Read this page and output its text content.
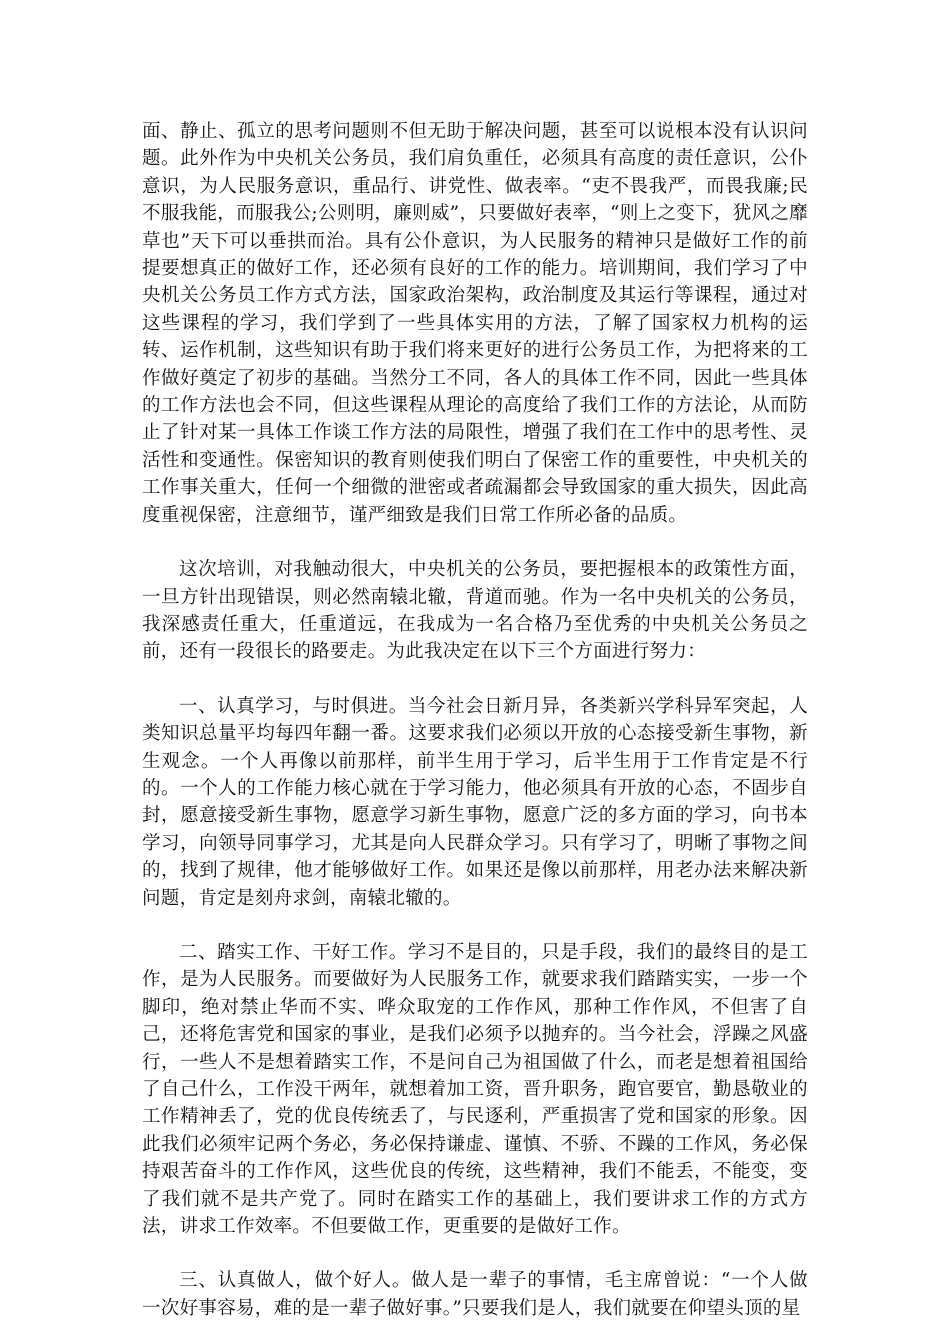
面、静止、孤立的思考问题则不但无助于解决问题，甚至可以说根本没有认识问题。此外作为中央机关公务员，我们肩负重任，必须具有高度的责任意识，公仆意识，为人民服务意识，重品行、讲党性、做表率。“吏不畏我严，而畏我廉;民不服我能，而服我公;公则明，廉则威”，只要做好表率，“则上之变下，犹风之靡草也”天下可以垂拱而治。具有公仆意识，为人民服务的精神只是做好工作的前提要想真正的做好工作，还必须有良好的工作的能力。培训期间，我们学习了中央机关公务员工作方式方法，国家政治架构，政治制度及其运行等课程，通过对这些课程的学习，我们学到了一些具体实用的方法，了解了国家权力机构的运转、运作机制，这些知识有助于我们将来更好的进行公务员工作，为把将来的工作做好奠定了初步的基础。当然分工不同，各人的具体工作不同，因此一些具体的工作方法也会不同，但这些课程从理论的高度给了我们工作的方法论，从而防止了针对某一具体工作谈工作方法的局限性，增强了我们在工作中的思考性、灵活性和变通性。保密知识的教育则使我们明白了保密工作的重要性，中央机关的工作事关重大，任何一个细微的泄密或者疏漏都会导致国家的重大损失，因此高度重视保密，注意细节，谨严细致是我们日常工作所必备的品质。

这次培训，对我触动很大，中央机关的公务员，要把握根本的政策性方面，一旦方针出现错误，则必然南辕北辙，背道而驰。作为一名中央机关的公务员，我深感责任重大，任重道远，在我成为一名合格乃至优秀的中央机关公务员之前，还有一段很长的路要走。为此我决定在以下三个方面进行努力：

一、认真学习，与时俱进。当今社会日新月异，各类新兴学科异军突起，人类知识总量平均每四年翻一番。这要求我们必须以开放的心态接受新生事物，新生观念。一个人再像以前那样，前半生用于学习，后半生用于工作肯定是不行的。一个人的工作能力核心就在于学习能力，他必须具有开放的心态，不固步自封，愿意接受新生事物，愿意学习新生事物，愿意广泛的多方面的学习，向书本学习，向领导同事学习，尤其是向人民群众学习。只有学习了，明晰了事物之间的，找到了规律，他才能够做好工作。如果还是像以前那样，用老办法来解决新问题，肯定是刻舟求剑，南辕北辙的。

二、踏实工作、干好工作。学习不是目的，只是手段，我们的最终目的是工作，是为人民服务。而要做好为人民服务工作，就要求我们踏踏实实，一步一个脚印，绝对禁止华而不实、哗众取宠的工作作风，那种工作作风，不但害了自己，还将危害党和国家的事业，是我们必须予以抛弃的。当今社会，浮躁之风盛行，一些人不是想着踏实工作，不是问自己为祖国做了什么，而老是想着祖国给了自己什么，工作没干两年，就想着加工资，晋升职务，跑官要官，勤恳敬业的工作精神丢了，党的优良传统丢了，与民逐利，严重损害了党和国家的形象。因此我们必须牢记两个务必，务必保持谦虚、谨慎、不骄、不躁的工作风，务必保持艰苦奋斗的工作作风，这些优良的传统，这些精神，我们不能丢，不能变，变了我们就不是共产党了。同时在踏实工作的基础上，我们要讲求工作的方式方法，讲求工作效率。不但要做工作，更重要的是做好工作。

三、认真做人，做个好人。做人是一辈子的事情，毛主席曾说：“一个人做一次好事容易，难的是一辈子做好事。”只要我们是人，我们就要在仰望头顶的星
